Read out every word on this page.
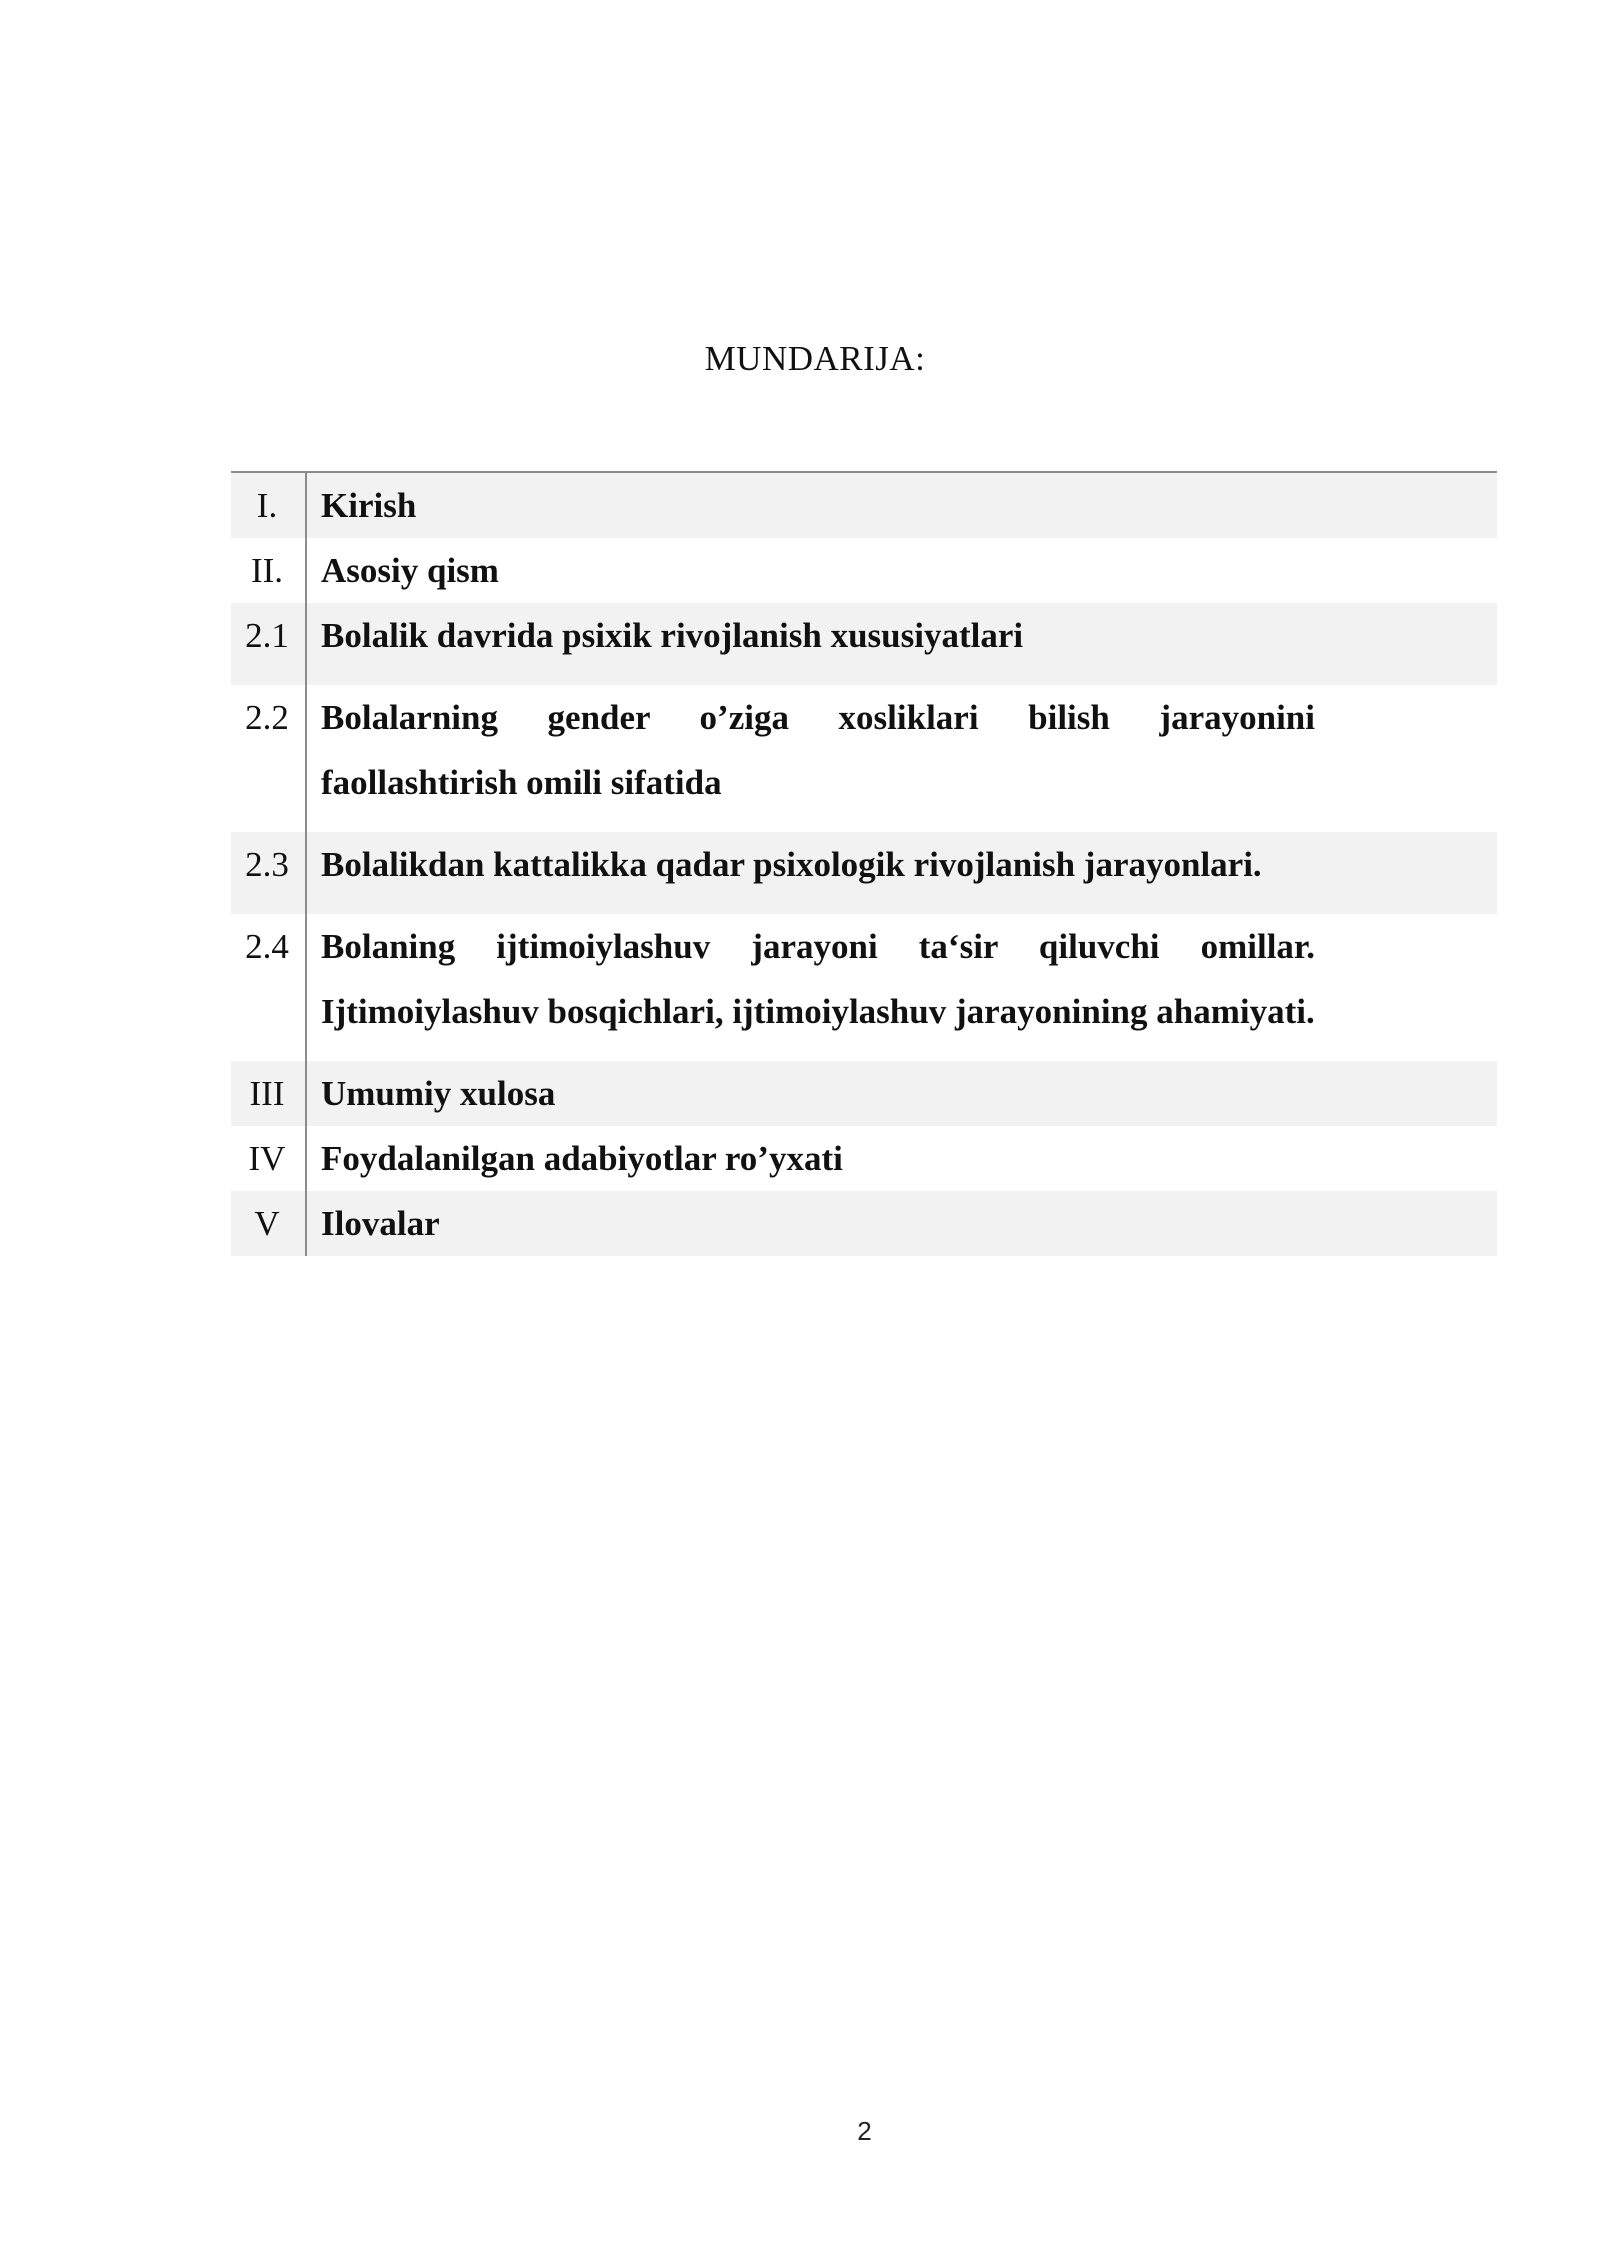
MUNDARIJA:
I.	Kirish
II.	Asosiy qism
2.1 Bolalik davrida psixik rivojlanish xususiyatlari
2.2 Bolalarning gender o’ziga xosliklari bilish jarayonini faollashtirish omili sifatida
2.3 Bolalikdan kattalikka qadar psixologik rivojlanish jarayonlari.
2.4 Bolaning ijtimoiylashuv jarayoni ta‘sir qiluvchi omillar. Ijtimoiylashuv bosqichlari, ijtimoiylashuv jarayonining ahamiyati.
III	Umumiy xulosa
IV	Foydalanilgan adabiyotlar ro’yxati
V	Ilovalar
2
